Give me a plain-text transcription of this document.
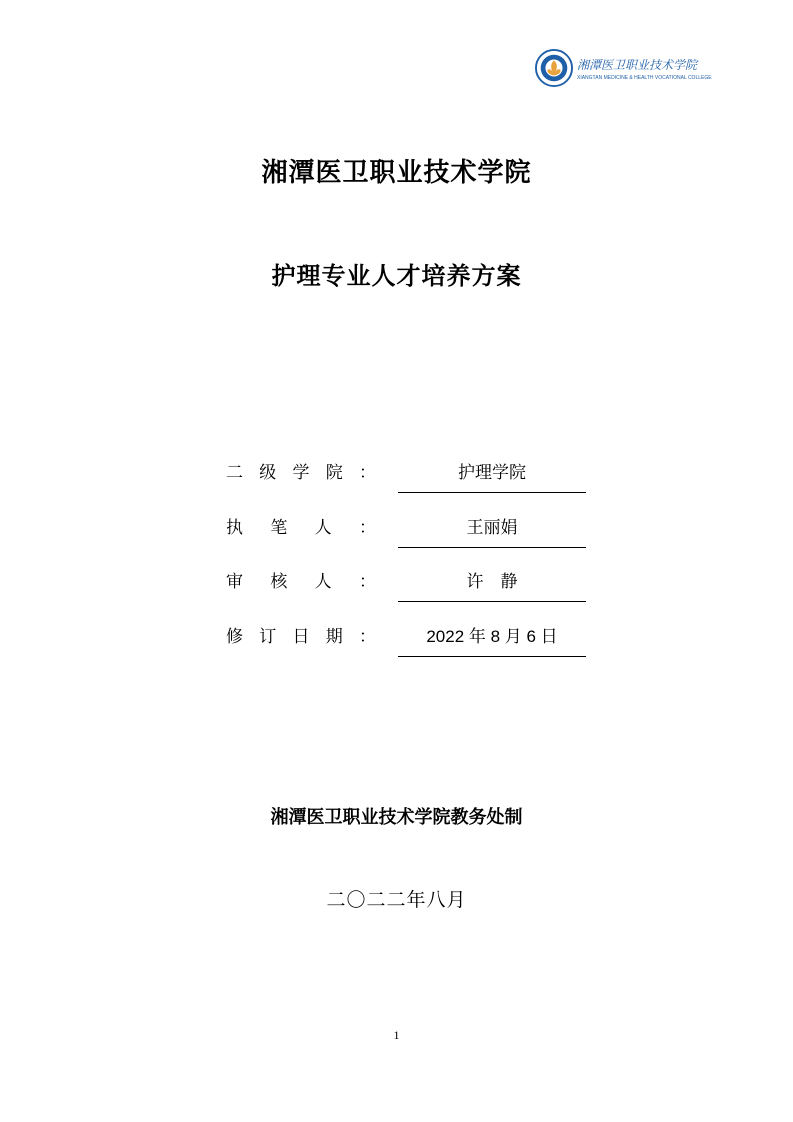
湘潭医卫职业技术学院
XIANGTAN MEDICINE & HEALTH VOCATIONAL COLLEGE
湘潭医卫职业技术学院
护理专业人才培养方案
二 级 学 院 ：	护理学院
执 笔 人 ：	王丽娟
审 核 人 ：	许　静
修 订 日 期 ：	2022 年 8 月 6 日
湘潭医卫职业技术学院教务处制
二〇二二年八月
1
